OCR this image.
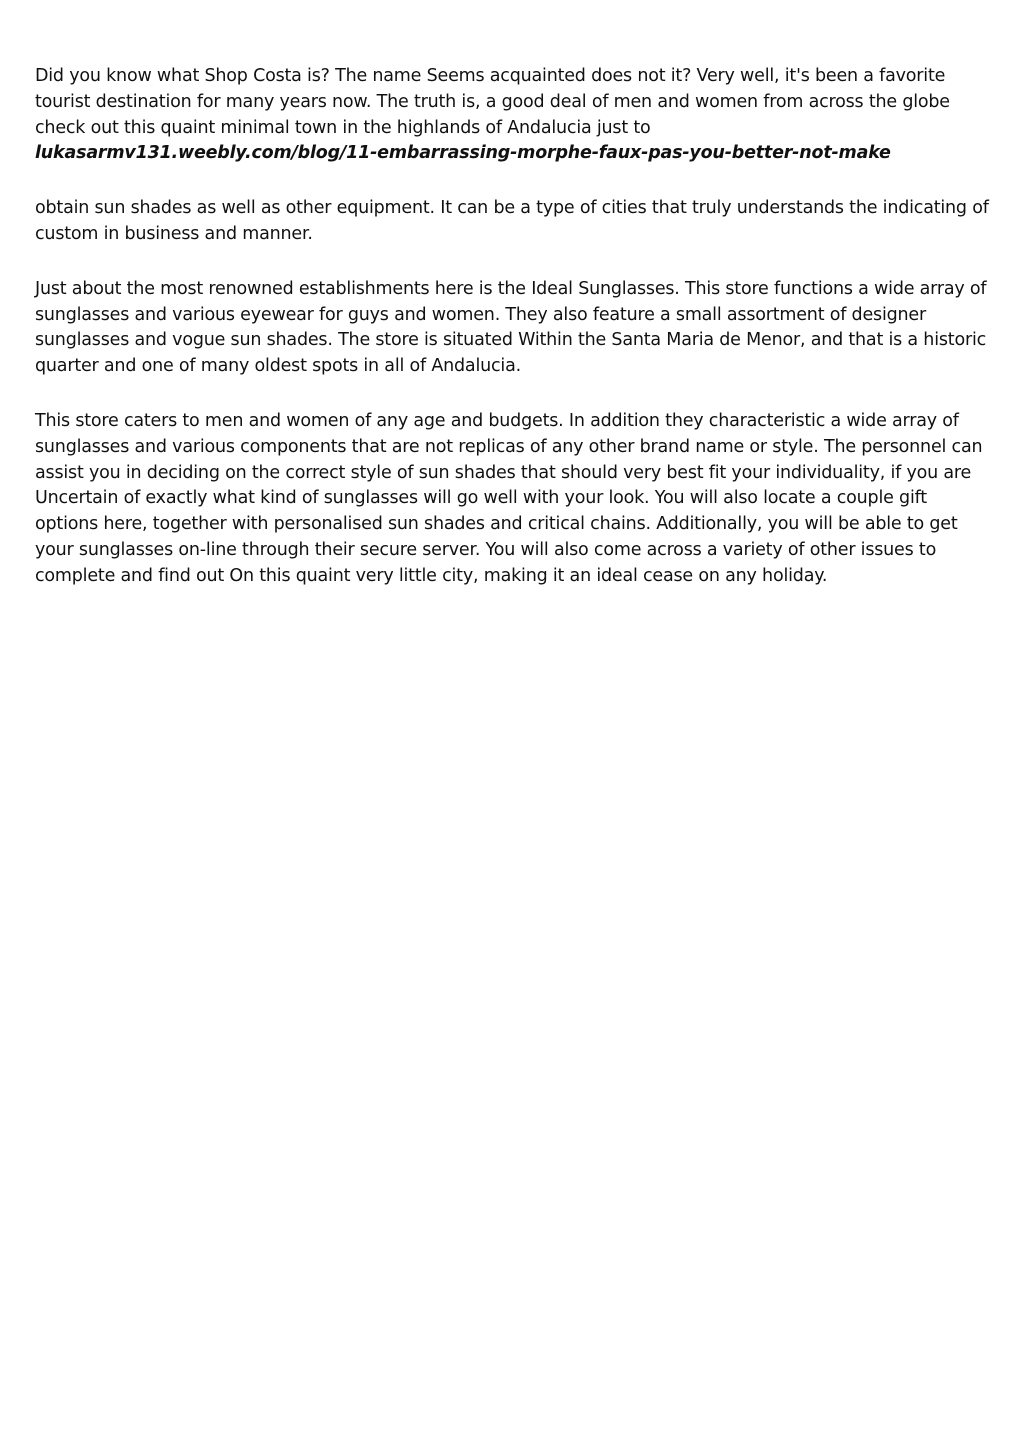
Did you know what Shop Costa is? The name Seems acquainted does not it? Very well, it's been a favorite tourist destination for many years now. The truth is, a good deal of men and women from across the globe check out this quaint minimal town in the highlands of Andalucia just to lukasarmv131.weebly.com/blog/11-embarrassing-morphe-faux-pas-you-better-not-make

obtain sun shades as well as other equipment. It can be a type of cities that truly understands the indicating of custom in business and manner.

Just about the most renowned establishments here is the Ideal Sunglasses. This store functions a wide array of sunglasses and various eyewear for guys and women. They also feature a small assortment of designer sunglasses and vogue sun shades. The store is situated Within the Santa Maria de Menor, and that is a historic quarter and one of many oldest spots in all of Andalucia.

This store caters to men and women of any age and budgets. In addition they characteristic a wide array of sunglasses and various components that are not replicas of any other brand name or style. The personnel can assist you in deciding on the correct style of sun shades that should very best fit your individuality, if you are Uncertain of exactly what kind of sunglasses will go well with your look. You will also locate a couple gift options here, together with personalised sun shades and critical chains. Additionally, you will be able to get your sunglasses on-line through their secure server. You will also come across a variety of other issues to complete and find out On this quaint very little city, making it an ideal cease on any holiday.
